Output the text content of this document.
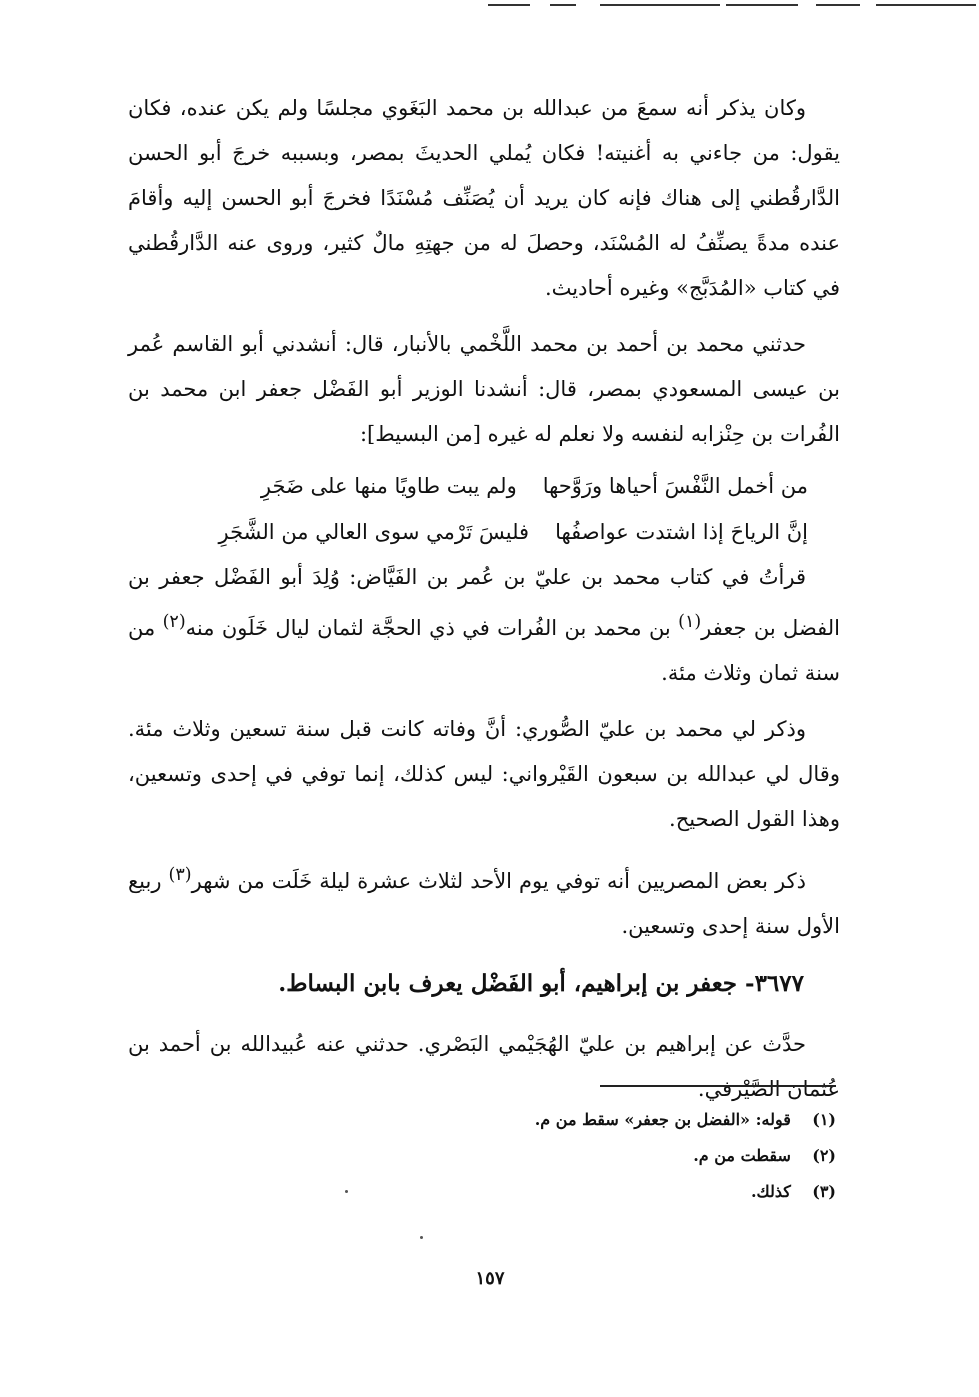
وكان يذكر أنه سمعَ من عبدالله بن محمد البَغَوي مجلسًا ولم يكن عنده، فكان يقول: من جاءني به أغنيته! فكان يُملي الحديثَ بمصر، وبسببه خرجَ أبو الحسن الدَّارقُطني إلى هناك فإنه كان يريد أن يُصَنِّف مُسْنَدًا فخرجَ أبو الحسن إليه وأقامَ عنده مدةً يصنِّفُ له المُسْنَد، وحصلَ له من جهتِهِ مالٌ كثير، وروى عنه الدَّارقُطني في كتاب «المُدَبَّج» وغيره أحاديث.

حدثني محمد بن أحمد بن محمد اللَّخْمي بالأنبار، قال: أنشدني أبو القاسم عُمر بن عيسى المسعودي بمصر، قال: أنشدنا الوزير أبو الفَضْل جعفر ابن محمد بن الفُرات بن حِنْزابه لنفسه ولا نعلم له غيره [من البسيط]:

من أخمل النَّفْسَ أحياها ورَوَّحها
ولم يبت طاويًا منها على ضَجَرِ
إنَّ الرياحَ إذا اشتدت عواصفُها
فليسَ تَرْمي سوى العالي من الشَّجَرِ

قرأتُ في كتاب محمد بن عليّ بن عُمر بن الفَيَّاض: وُلِدَ أبو الفَضْل جعفر بن الفضل بن جعفر$^{(١)}$ بن محمد بن الفُرات في ذي الحجَّة لثمان ليال خَلَون منه$^{(٢)}$ من سنة ثمان وثلاث مئة.

وذكر لي محمد بن عليّ الصُّوري: أنَّ وفاته كانت قبل سنة تسعين وثلاث مئة. وقال لي عبدالله بن سبعون القَيْرواني: ليس كذلك، إنما توفي في إحدى وتسعين، وهذا القول الصحيح.

ذكر بعض المصريين أنه توفي يوم الأحد لثلاث عشرة ليلة خَلَت من شهر$^{(٣)}$ ربيع الأول سنة إحدى وتسعين.

٣٦٧٧- جعفر بن إبراهيم، أبو الفَضْل يعرف بابن البساط.

حدَّث عن إبراهيم بن عليّ الهُجَيْمي البَصْري. حدثني عنه عُبيدالله بن أحمد بن عُثمان الصَّيْرفي.

(١) قوله: «الفضل بن جعفر» سقط من م.
(٢) سقطت من م.
(٣) كذلك.
١٥٧
